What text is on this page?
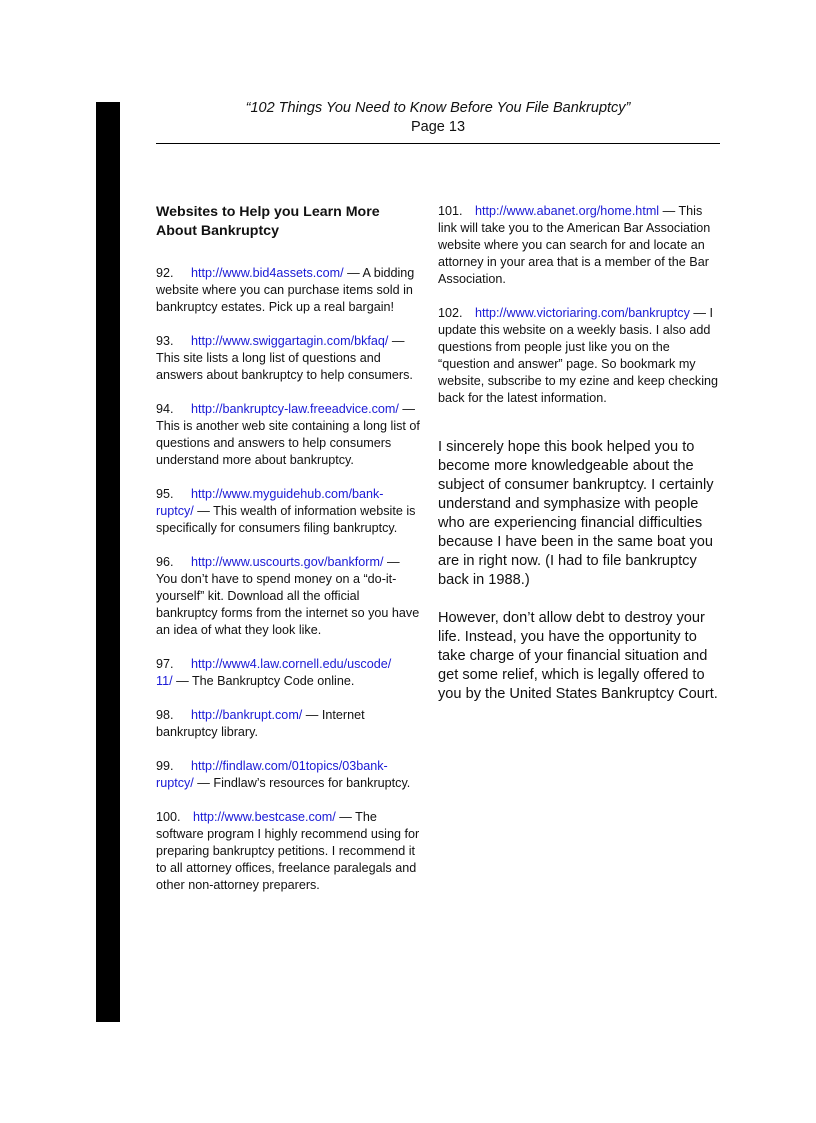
“102 Things You Need to Know Before You File Bankruptcy”
Page 13
Websites to Help you Learn More
About Bankruptcy

92. http://www.bid4assets.com/ — A bidding website where you can purchase items sold in bankruptcy estates. Pick up a real bargain!

93. http://www.swiggartagin.com/bkfaq/ — This site lists a long list of questions and answers about bankruptcy to help consumers.

94. http://bankruptcy-law.freeadvice.com/ — This is another web site containing a long list of questions and answers to help consumers understand more about bankruptcy.

95. http://www.myguidehub.com/bank-
ruptcy/ — This wealth of information website is specifically for consumers filing bankruptcy.

96. http://www.uscourts.gov/bankform/ — You don’t have to spend money on a “do-it-yourself” kit. Download all the official bankruptcy forms from the internet so you have an idea of what they look like.

97. http://www4.law.cornell.edu/uscode/
11/ — The Bankruptcy Code online.

98. http://bankrupt.com/ — Internet bankruptcy library.

99. http://findlaw.com/01topics/03bank-
ruptcy/ — Findlaw’s resources for bankruptcy.

100. http://www.bestcase.com/ — The software program I highly recommend using for preparing bankruptcy petitions. I recommend it to all attorney offices, freelance paralegals and other non-attorney preparers.

101. http://www.abanet.org/home.html — This link will take you to the American Bar Association website where you can search for and locate an attorney in your area that is a member of the Bar Association.

102. http://www.victoriaring.com/bankruptcy — I update this website on a weekly basis. I also add questions from people just like you on the “question and answer” page. So bookmark my website, subscribe to my ezine and keep checking back for the latest information.

I sincerely hope this book helped you to become more knowledgeable about the subject of consumer bankruptcy. I certainly understand and symphasize with people who are experiencing financial difficulties because I have been in the same boat you are in right now. (I had to file bankruptcy back in 1988.)

However, don’t allow debt to destroy your life. Instead, you have the opportunity to take charge of your financial situation and get some relief, which is legally offered to you by the United States Bankruptcy Court.
